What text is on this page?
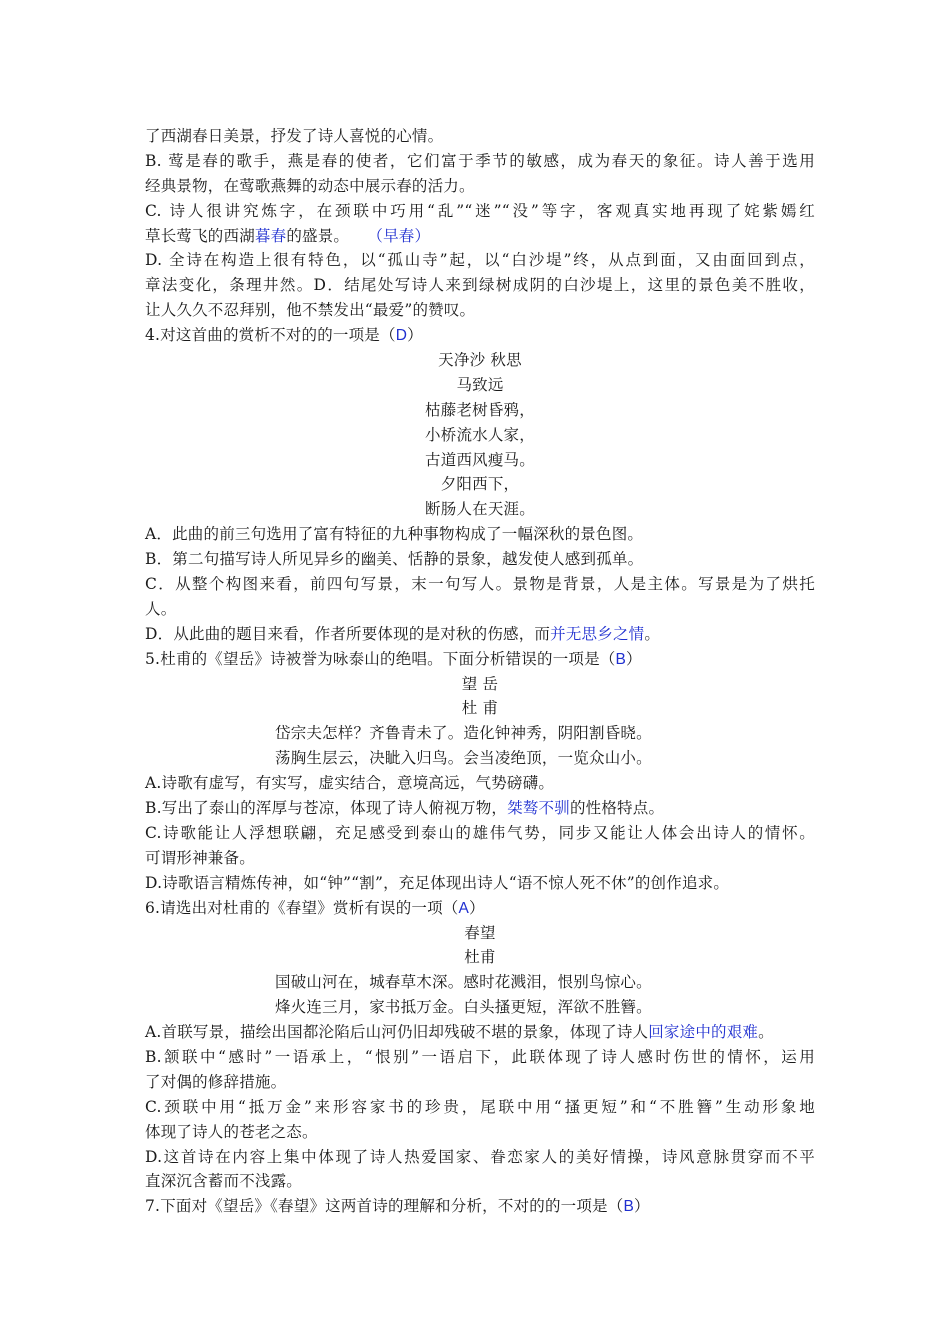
了西湖春日美景，抒发了诗人喜悦的心情。
B. 莺是春的歌手，燕是春的使者，它们富于季节的敏感，成为春天的象征。诗人善于选用
经典景物，在莺歌燕舞的动态中展示春的活力。
C. 诗人很讲究炼字，在颈联中巧用“乱”“迷”“没”等字，客观真实地再现了姹紫嫣红
草长莺飞的西湖暮春的盛景。 （早春）
D. 全诗在构造上很有特色，以“孤山寺”起，以“白沙堤”终，从点到面，又由面回到点，
章法变化，条理井然。D．结尾处写诗人来到绿树成阴的白沙堤上，这里的景色美不胜收，
让人久久不忍拜别，他不禁发出“最爱”的赞叹。
4.对这首曲的赏析不对的的一项是（D）
天净沙 秋思
马致远
枯藤老树昏鸦，
小桥流水人家，
古道西风瘦马。
夕阳西下，
断肠人在天涯。
A．此曲的前三句选用了富有特征的九种事物构成了一幅深秋的景色图。
B．第二句描写诗人所见异乡的幽美、恬静的景象，越发使人感到孤单。
C．从整个构图来看，前四句写景，末一句写人。景物是背景，人是主体。写景是为了烘托
人。
D．从此曲的题目来看，作者所要体现的是对秋的伤感，而并无思乡之情。
5.杜甫的《望岳》诗被誉为咏泰山的绝唱。下面分析错误的一项是（B）
望 岳
杜 甫
岱宗夫怎样？齐鲁青未了。造化钟神秀，阴阳割昏晓。
荡胸生层云，决眦入归鸟。会当凌绝顶，一览众山小。
A.诗歌有虚写，有实写，虚实结合，意境高远，气势磅礴。
B.写出了泰山的浑厚与苍凉，体现了诗人俯视万物，桀骜不驯的性格特点。
C.诗歌能让人浮想联翩，充足感受到泰山的雄伟气势，同步又能让人体会出诗人的情怀。
可谓形神兼备。
D.诗歌语言精炼传神，如“钟”“割”，充足体现出诗人“语不惊人死不休”的创作追求。
6.请选出对杜甫的《春望》赏析有误的一项（A）
春望
杜甫
国破山河在，城春草木深。感时花溅泪，恨别鸟惊心。
烽火连三月，家书抵万金。白头搔更短，浑欲不胜簪。
A.首联写景，描绘出国都沦陷后山河仍旧却残破不堪的景象，体现了诗人回家途中的艰难。
B.颔联中“感时”一语承上，“恨别”一语启下，此联体现了诗人感时伤世的情怀，运用
了对偶的修辞措施。
C.颈联中用“抵万金”来形容家书的珍贵，尾联中用“搔更短”和“不胜簪”生动形象地
体现了诗人的苍老之态。
D.这首诗在内容上集中体现了诗人热爱国家、眷恋家人的美好情操，诗风意脉贯穿而不平
直深沉含蓄而不浅露。
7.下面对《望岳》《春望》这两首诗的理解和分析，不对的的一项是（B）
